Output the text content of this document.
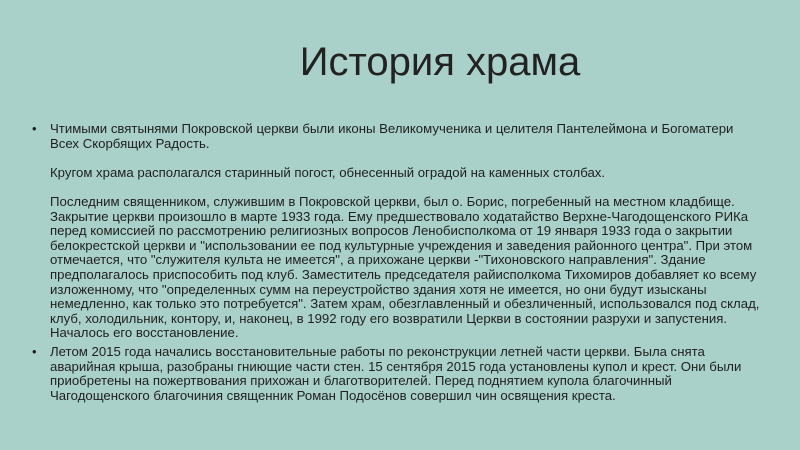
История храма
• Чтимыми святынями Покровской церкви были иконы Великомученика и целителя Пантелеймона и Богоматери Всех Скорбящих Радость.

Кругом храма располагался старинный погост, обнесенный оградой на каменных столбах.

Последним священником, служившим в Покровской церкви, был о. Борис, погребенный на местном кладбище.

Закрытие церкви произошло в марте 1933 года. Ему предшествовало ходатайство Верхне-Чагодощенского РИКа перед комиссией по рассмотрению религиозных вопросов Ленобисполкома от 19 января 1933 года о закрытии белокрестской церкви и "использовании ее под культурные учреждения и заведения районного центра". При этом отмечается, что "служителя культа не имеется", а прихожане церкви -"Тихоновского направления". Здание предполагалось приспособить под клуб. Заместитель председателя райисполкома Тихомиров добавляет ко всему изложенному, что "определенных сумм на переустройство здания хотя не имеется, но они будут изысканы немедленно, как только это потребуется". Затем храм, обезглавленный и обезличенный, использовался под склад, клуб, холодильник, контору, и, наконец, в 1992 году его возвратили Церкви в состоянии разрухи и запустения.

Началось его восстановление.

• Летом 2015 года начались восстановительные работы по реконструкции летней части церкви. Была снята аварийная крыша, разобраны гниющие части стен. 15 сентября 2015 года установлены купол и крест. Они были приобретены на пожертвования прихожан и благотворителей. Перед поднятием купола благочинный Чагодощенского благочиния священник Роман Подосёнов совершил чин освящения креста.
